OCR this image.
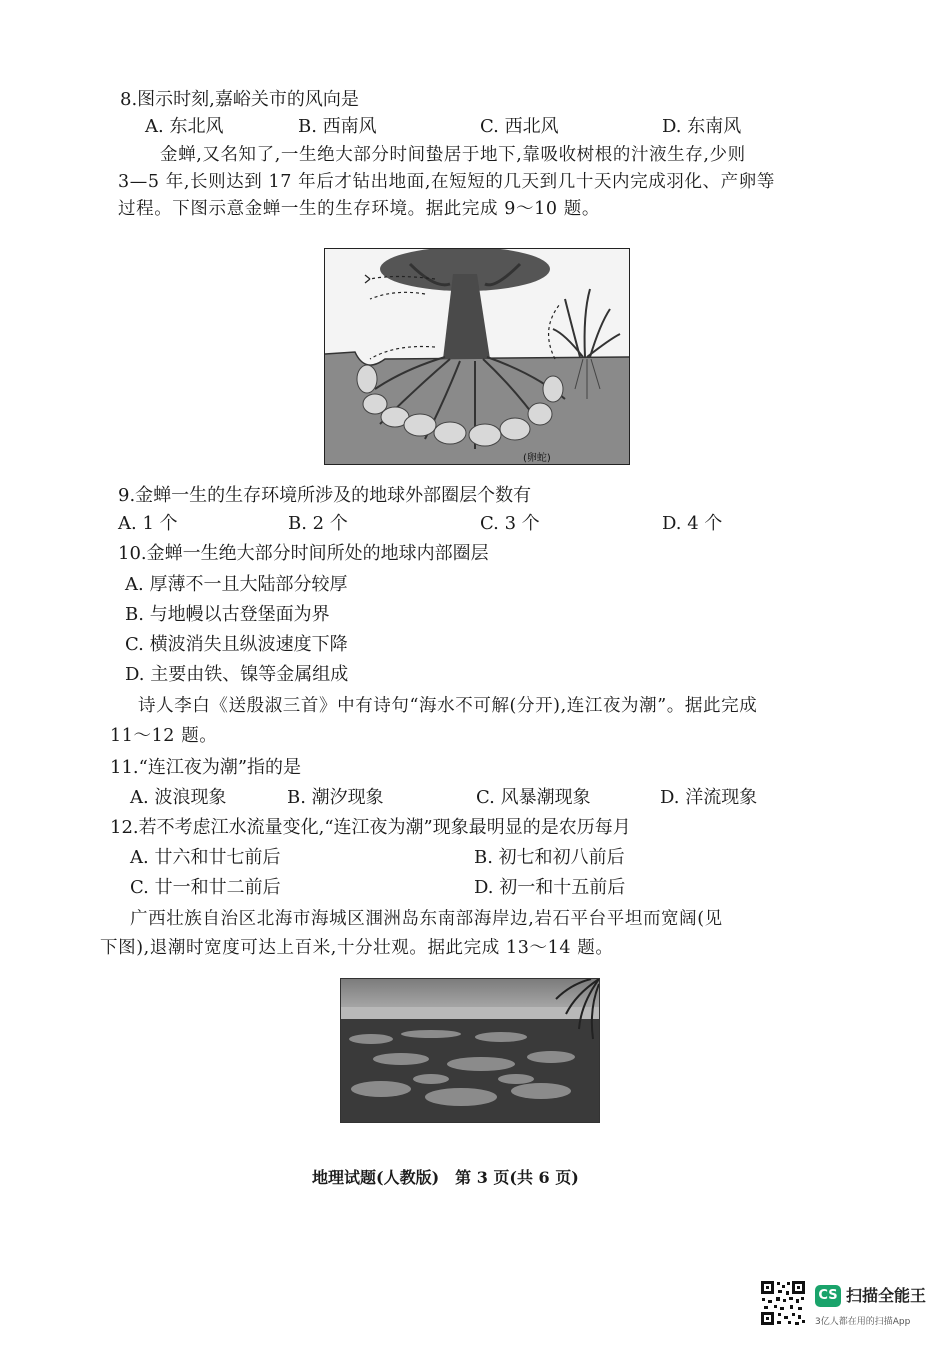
8.图示时刻,嘉峪关市的风向是
A. 东北风	B. 西南风	C. 西北风	D. 东南风
金蝉,又名知了,一生绝大部分时间蛰居于地下,靠吸收树根的汁液生存,少则
3—5 年,长则达到 17 年后才钻出地面,在短短的几天到几十天内完成羽化、产卵等
过程。下图示意金蝉一生的生存环境。据此完成 9～10 题。
(卵蛇)
9.金蝉一生的生存环境所涉及的地球外部圈层个数有
A. 1 个	B. 2 个	C. 3 个	D. 4 个
10.金蝉一生绝大部分时间所处的地球内部圈层
A. 厚薄不一且大陆部分较厚
B. 与地幔以古登堡面为界
C. 横波消失且纵波速度下降
D. 主要由铁、镍等金属组成
诗人李白《送殷淑三首》中有诗句“海水不可解(分开),连江夜为潮”。据此完成
11～12 题。
11.“连江夜为潮”指的是
A. 波浪现象	B. 潮汐现象	C. 风暴潮现象	D. 洋流现象
12.若不考虑江水流量变化,“连江夜为潮”现象最明显的是农历每月
A. 廿六和廿七前后	B. 初七和初八前后
C. 廿一和廿二前后	D. 初一和十五前后
广西壮族自治区北海市海城区涠洲岛东南部海岸边,岩石平台平坦而宽阔(见
下图),退潮时宽度可达上百米,十分壮观。据此完成 13～14 题。
地理试题(人教版)　第 3 页(共 6 页)
CS 扫描全能王
3亿人都在用的扫描App
